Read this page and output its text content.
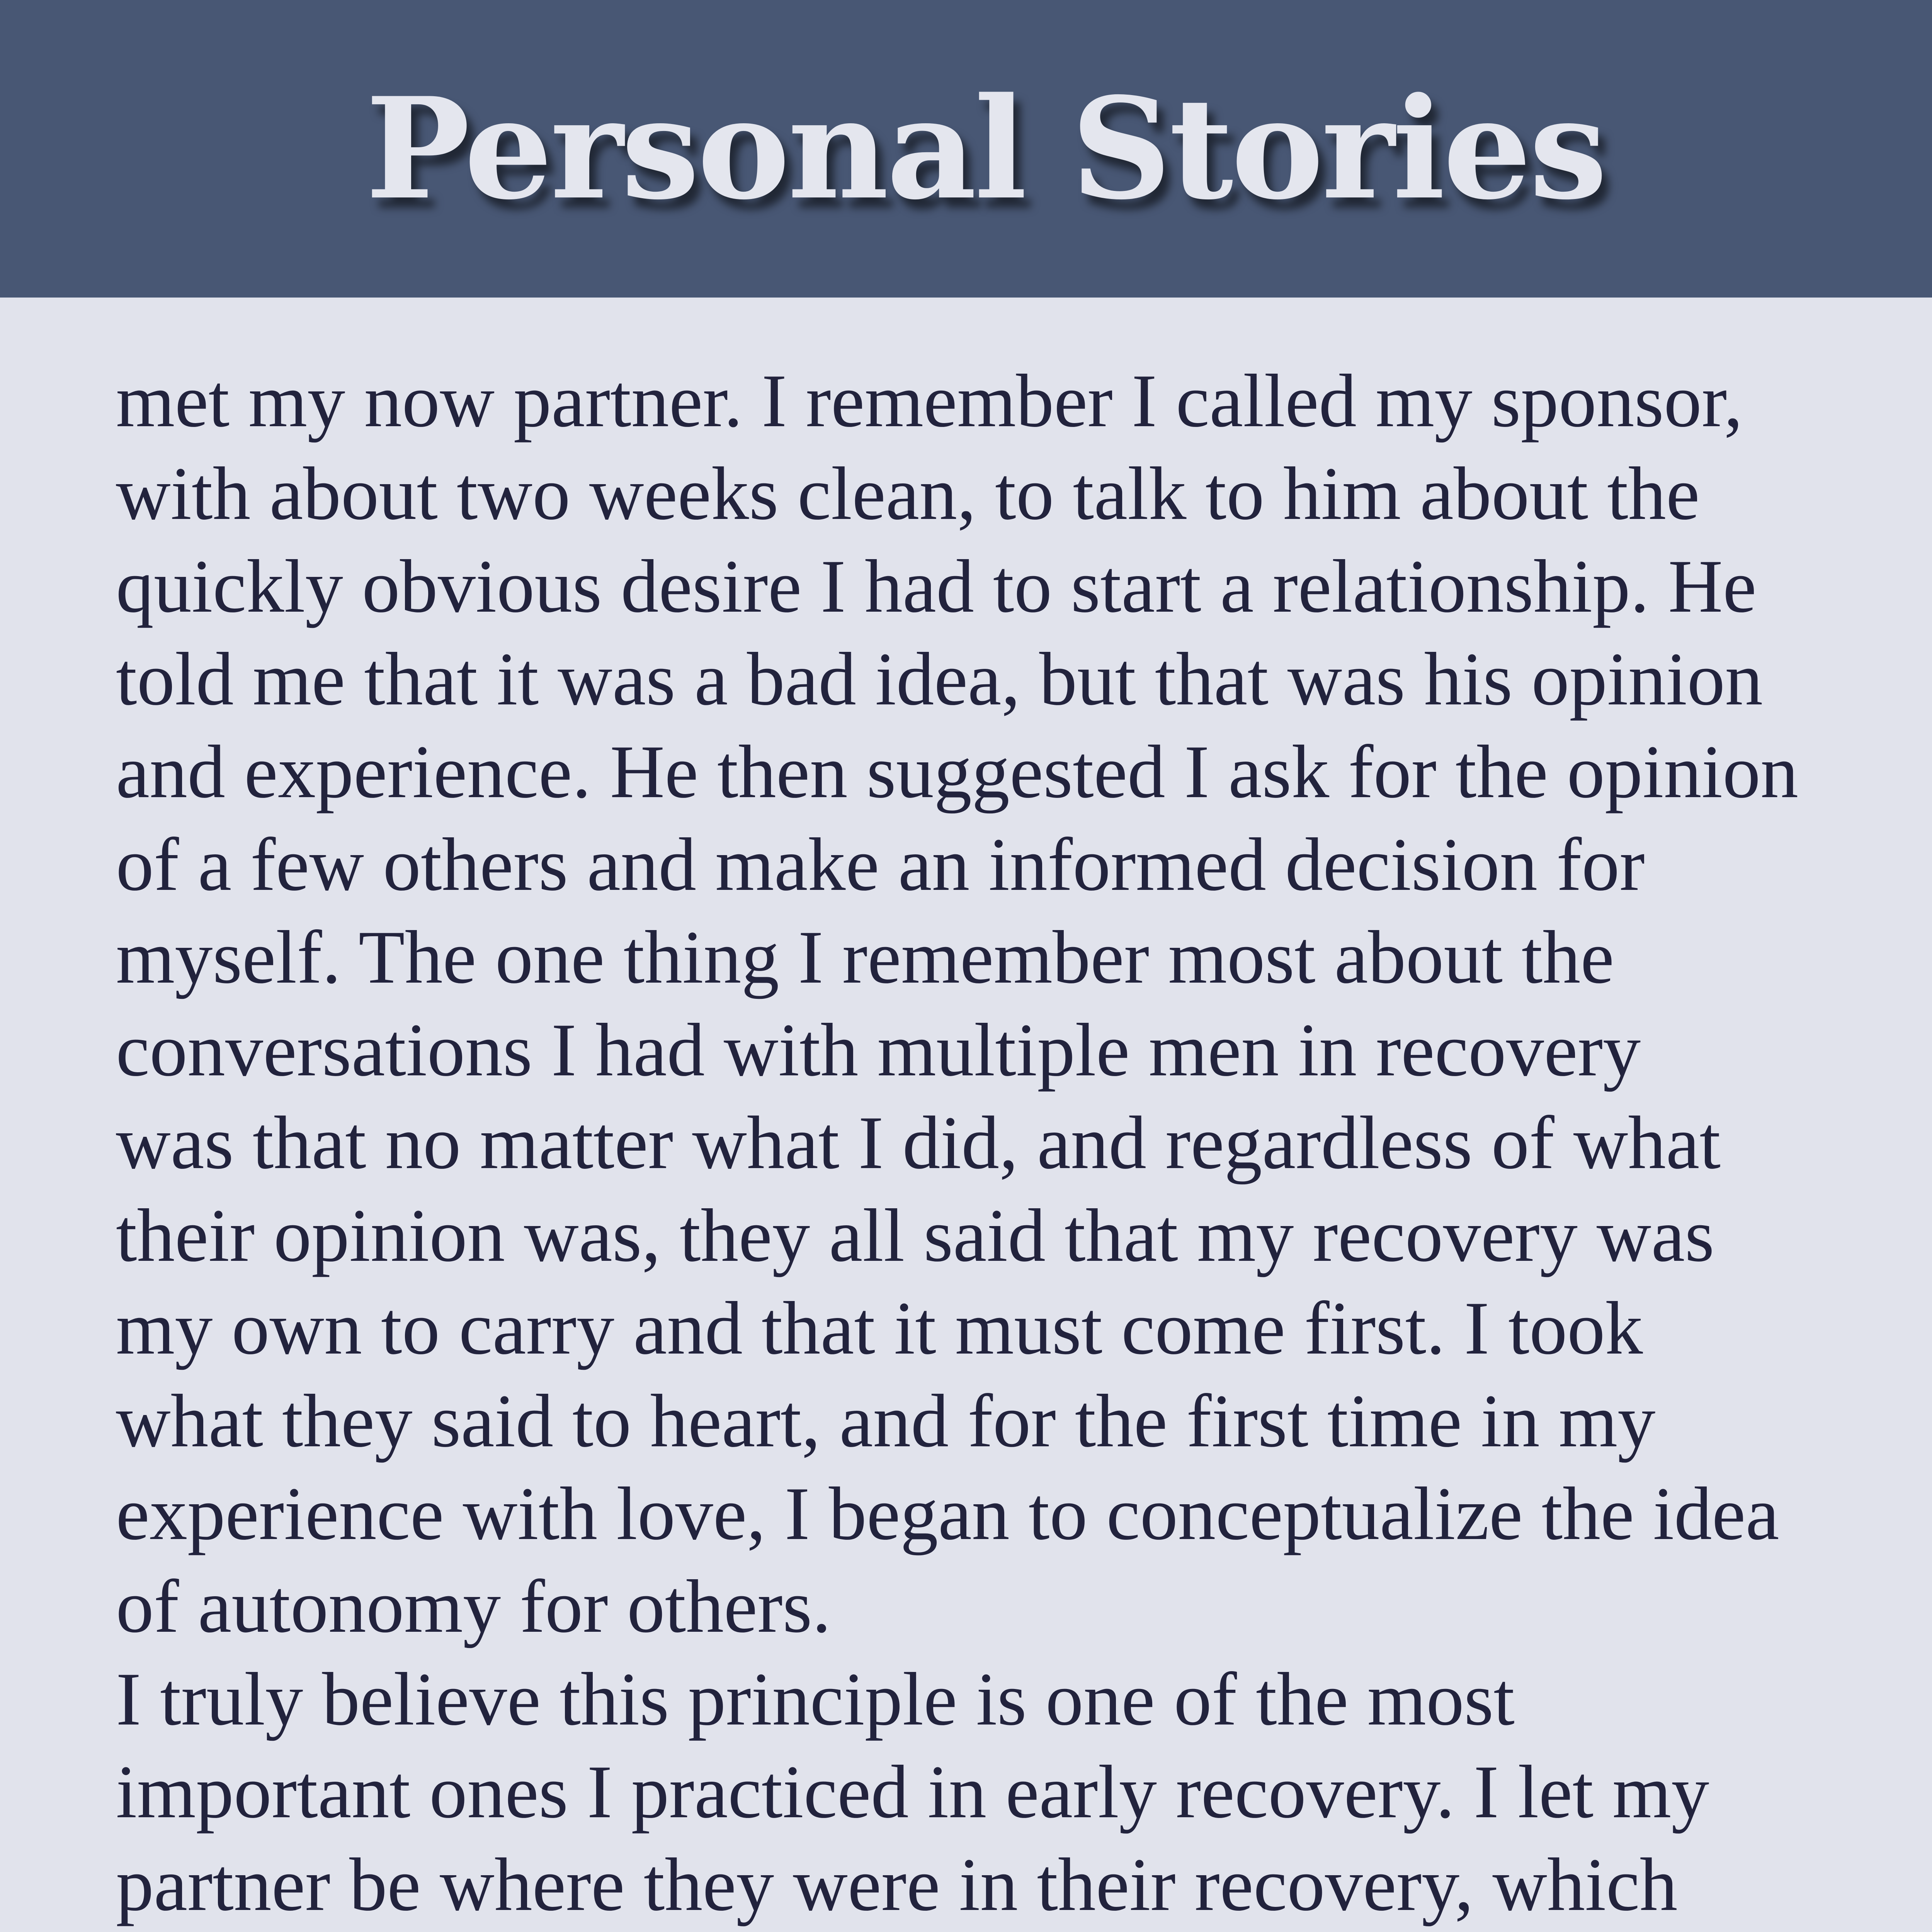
Personal Stories
met my now partner. I remember I called my sponsor,
with about two weeks clean, to talk to him about the
quickly obvious desire I had to start a relationship. He
told me that it was a bad idea, but that was his opinion
and experience. He then suggested I ask for the opinion
of a few others and make an informed decision for
myself. The one thing I remember most about the
conversations I had with multiple men in recovery
was that no matter what I did, and regardless of what
their opinion was, they all said that my recovery was
my own to carry and that it must come first. I took
what they said to heart, and for the first time in my
experience with love, I began to conceptualize the idea
of autonomy for others.
I truly believe this principle is one of the most
important ones I practiced in early recovery. I let my
partner be where they were in their recovery, which
